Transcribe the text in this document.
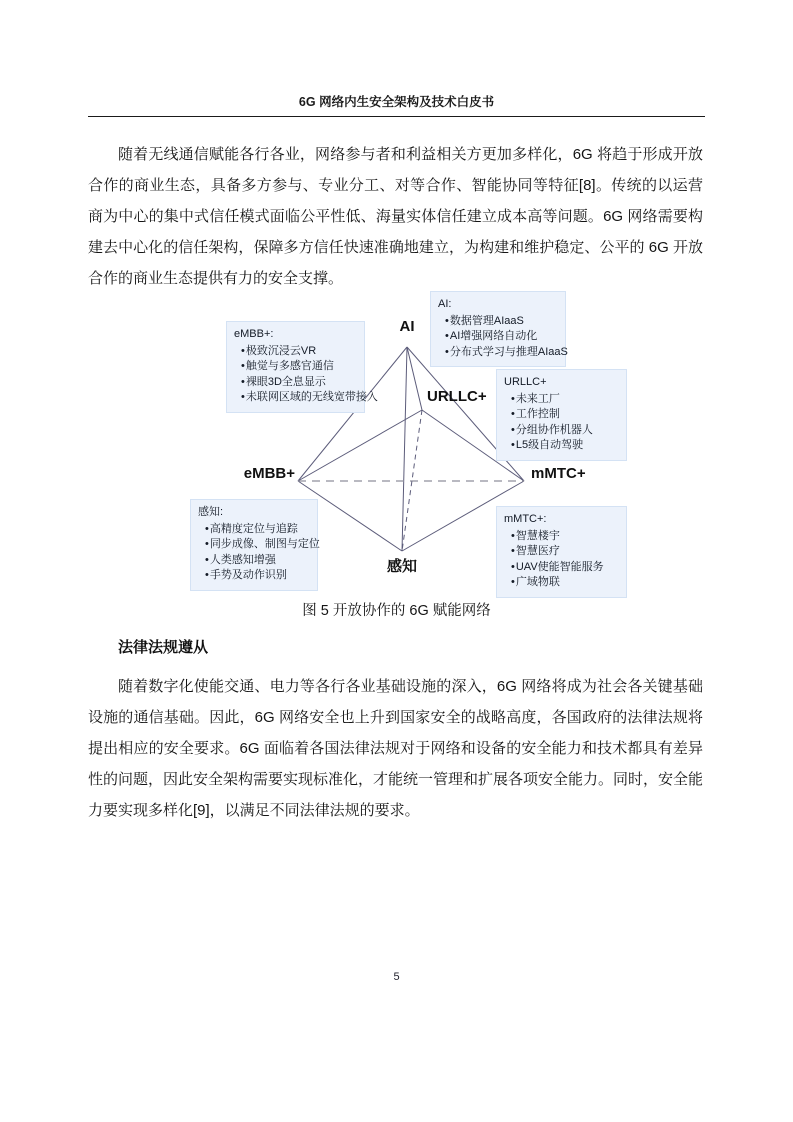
6G 网络内生安全架构及技术白皮书

随着无线通信赋能各行各业，网络参与者和利益相关方更加多样化，6G 将趋于形成开放合作的商业生态，具备多方参与、专业分工、对等合作、智能协同等特征[8]。传统的以运营商为中心的集中式信任模式面临公平性低、海量实体信任建立成本高等问题。6G 网络需要构建去中心化的信任架构，保障多方信任快速准确地建立，为构建和维护稳定、公平的 6G 开放合作的商业生态提供有力的安全支撑。

AI
URLLC+
eMBB+	mMTC+
感知
AI:
• 数据管理AIaaS
• AI增强网络自动化
• 分布式学习与推理AIaaS
eMBB+:
• 极致沉浸云VR
• 触觉与多感官通信
• 裸眼3D全息显示
• 未联网区域的无线宽带接入
URLLC+
• 未来工厂
• 工作控制
• 分组协作机器人
• L5级自动驾驶
感知:
• 高精度定位与追踪
• 同步成像、制图与定位
• 人类感知增强
• 手势及动作识别
mMTC+:
• 智慧楼宇
• 智慧医疗
• UAV使能智能服务
• 广域物联
图 5 开放协作的 6G 赋能网络
法律法规遵从

随着数字化使能交通、电力等各行各业基础设施的深入，6G 网络将成为社会各关键基础设施的通信基础。因此，6G 网络安全也上升到国家安全的战略高度，各国政府的法律法规将提出相应的安全要求。6G 面临着各国法律法规对于网络和设备的安全能力和技术都具有差异性的问题，因此安全架构需要实现标准化，才能统一管理和扩展各项安全能力。同时，安全能力要实现多样化[9]，以满足不同法律法规的要求。

5
